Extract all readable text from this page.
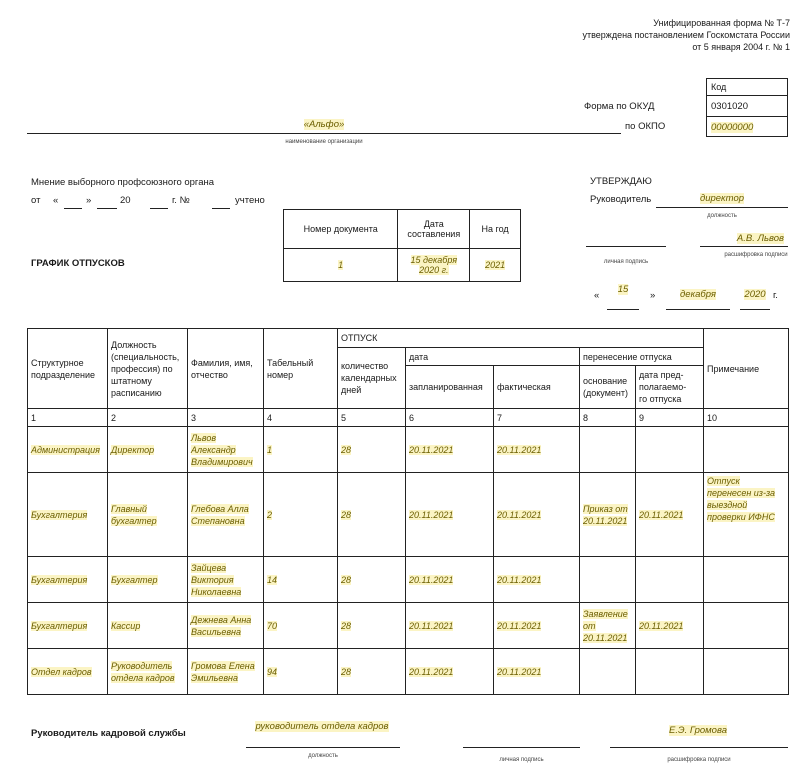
Унифицированная форма № Т-7
утверждена постановлением Госкомстата России
от 5 января 2004 г. № 1
Код
0301020
00000000
Форма по ОКУД
по ОКПО
«Альфо»
наименование организации
Мнение выборного профсоюзного органа
от «	»	20	г. №	учтено
Номер документа	Дата составления	На год
1	15 декабря 2020 г.	2021
ГРАФИК ОТПУСКОВ
УТВЕРЖДАЮ
Руководитель	директор
должность
личная подпись
А.В. Львов
расшифровка подписи
«
15
»	декабря	2020 г.
Структурное подразделение	Должность (специальность, профессия) по штатному расписанию	Фамилия, имя, отчество	Табельный номер	ОТПУСК					Примечание
				количество календарных дней	дата		перенесение отпуска		
					запланированная	фактическая	основание (документ)	дата пред-
полагаемо-
го отпуска	

1	2	3	4	5	6	7	8	9	10
Администрация	Директор	Львов Александр Владимирович	1	28	20.11.2021	20.11.2021			
Бухгалтерия	Главный бухгалтер	Глебова Алла Степановна	2	28	20.11.2021	20.11.2021	Приказ от 20.11.2021	20.11.2021	Отпуск перенесен из-за выездной проверки ИФНС
Бухгалтерия	Бухгалтер	Зайцева Виктория Николаевна	14	28	20.11.2021	20.11.2021			
Бухгалтерия	Кассир	Дежнева Анна Васильевна	70	28	20.11.2021	20.11.2021	Заявление от 20.11.2021	20.11.2021	
Отдел кадров	Руководитель отдела кадров	Громова Елена Эмильевна	94	28	20.11.2021	20.11.2021			
Руководитель кадровой службы
руководитель отдела кадров
должность
личная подпись
Е.Э. Громова
расшифровка подписи
